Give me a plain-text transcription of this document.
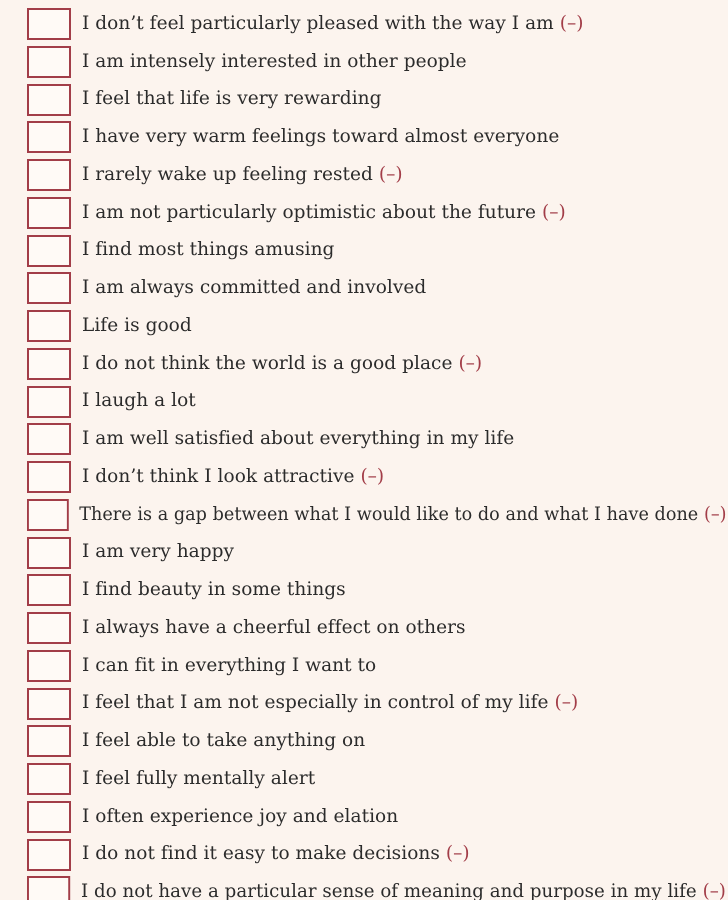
I don’t feel particularly pleased with the way I am (–)
I am intensely interested in other people
I feel that life is very rewarding
I have very warm feelings toward almost everyone
I rarely wake up feeling rested (–)
I am not particularly optimistic about the future (–)
I find most things amusing
I am always committed and involved
Life is good
I do not think the world is a good place (–)
I laugh a lot
I am well satisfied about everything in my life
I don’t think I look attractive (–)
There is a gap between what I would like to do and what I have done (–)
I am very happy
I find beauty in some things
I always have a cheerful effect on others
I can fit in everything I want to
I feel that I am not especially in control of my life (–)
I feel able to take anything on
I feel fully mentally alert
I often experience joy and elation
I do not find it easy to make decisions (–)
I do not have a particular sense of meaning and purpose in my life (–)
